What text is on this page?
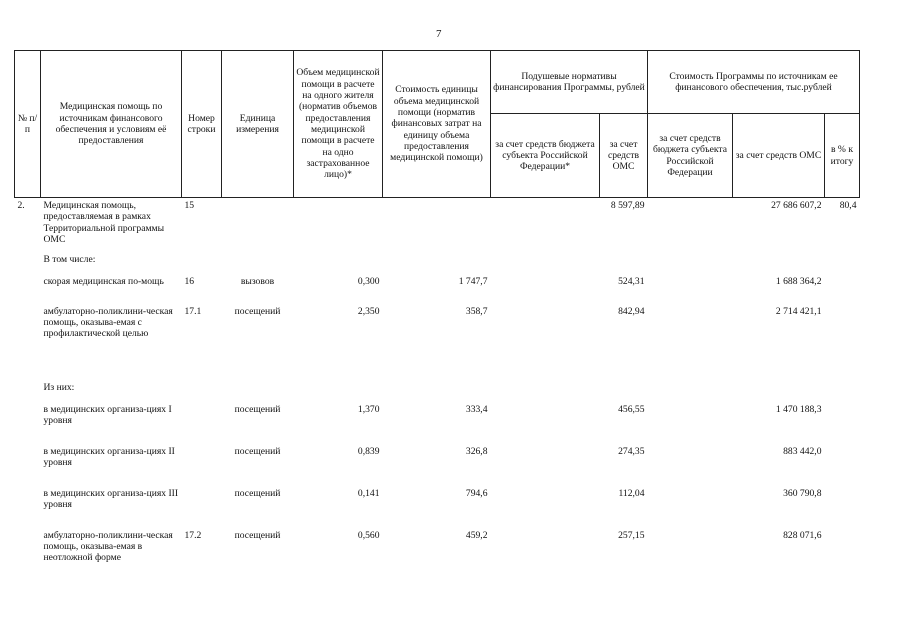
7
№ п/п	Медицинская помощь по источникам финансового обеспечения и условиям её предоставления	Номер строки	Единица измерения	Объем медицинской помощи в расчете на одного жителя (норматив объемов предоставления медицинской помощи в расчете на одно застрахованное лицо)*	Стоимость единицы объема медицинской помощи (норматив финансовых затрат на единицу объема предоставления медицинской помощи)	Подушевые нормативы финансирования Программы, рублей		Стоимость Программы по источникам ее финансового обеспечения, тыс.рублей		
						за счет средств бюджета субъекта Российской Федерации*	за счет средств ОМС	за счет средств бюджета субъекта Российской Федерации	за счет средств ОМС	в % к итогу
2.	Медицинская помощь, предоставляемая в рамках Территориальной программы ОМС	15					8 597,89		27 686 607,2	80,4
	В том числе:									
	скорая медицинская по-мощь	16	вызовов	0,300	1 747,7		524,31		1 688 364,2	
	амбулаторно-поликлини-ческая помощь, оказыва-емая с профилактической целью	17.1	посещений	2,350	358,7		842,94		2 714 421,1	
	Из них:									
	в медицинских организа-циях I уровня		посещений	1,370	333,4		456,55		1 470 188,3	
	в медицинских организа-циях II уровня		посещений	0,839	326,8		274,35		883 442,0	
	в медицинских организа-циях III уровня		посещений	0,141	794,6		112,04		360 790,8	
	амбулаторно-поликлини-ческая помощь, оказыва-емая в неотложной форме	17.2	посещений	0,560	459,2		257,15		828 071,6	
